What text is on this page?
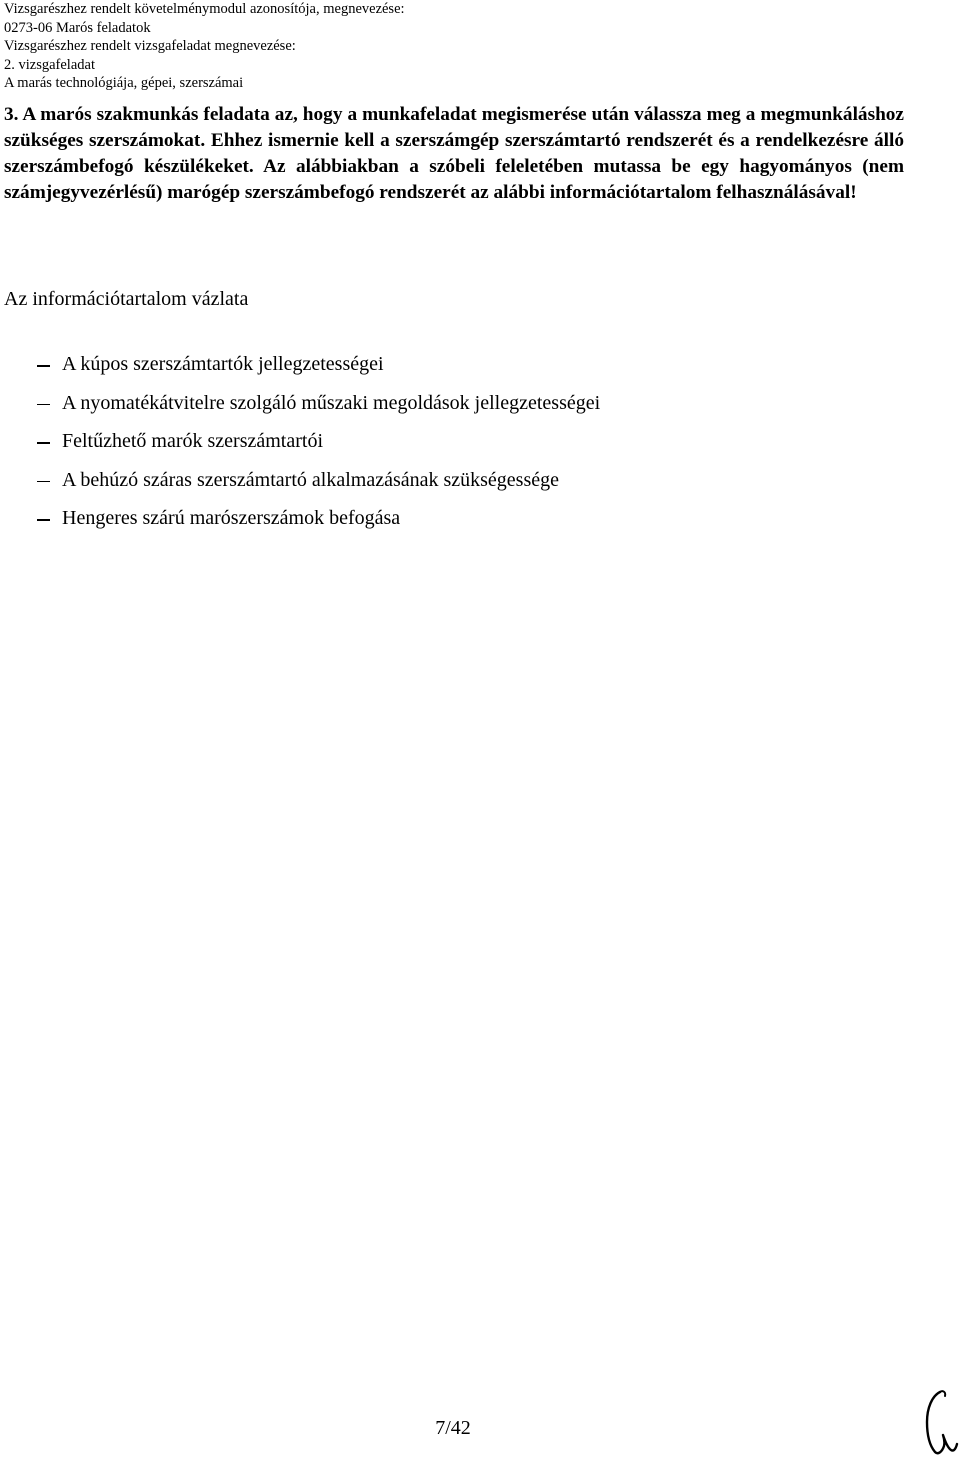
Vizsgarészhez rendelt követelménymodul azonosítója, megnevezése:
0273-06 Marós feladatok
Vizsgarészhez rendelt vizsgafeladat megnevezése:
2. vizsgafeladat
A marás technológiája, gépei, szerszámai

3. A marós szakmunkás feladata az, hogy a munkafeladat megismerése után válassza meg a megmunkáláshoz szükséges szerszámokat. Ehhez ismernie kell a szerszámgép szerszámtartó rendszerét és a rendelkezésre álló szerszámbefogó készülékeket. Az alábbiakban a szóbeli feleletében mutassa be egy hagyományos (nem számjegyvezérlésű) marógép szerszámbefogó rendszerét az alábbi információtartalom felhasználásával!

Az információtartalom vázlata
A kúpos szerszámtartók jellegzetességei
A nyomatékátvitelre szolgáló műszaki megoldások jellegzetességei
Feltűzhető marók szerszámtartói
A behúzó száras szerszámtartó alkalmazásának szükségessége
Hengeres szárú marószerszámok befogása
7/42
